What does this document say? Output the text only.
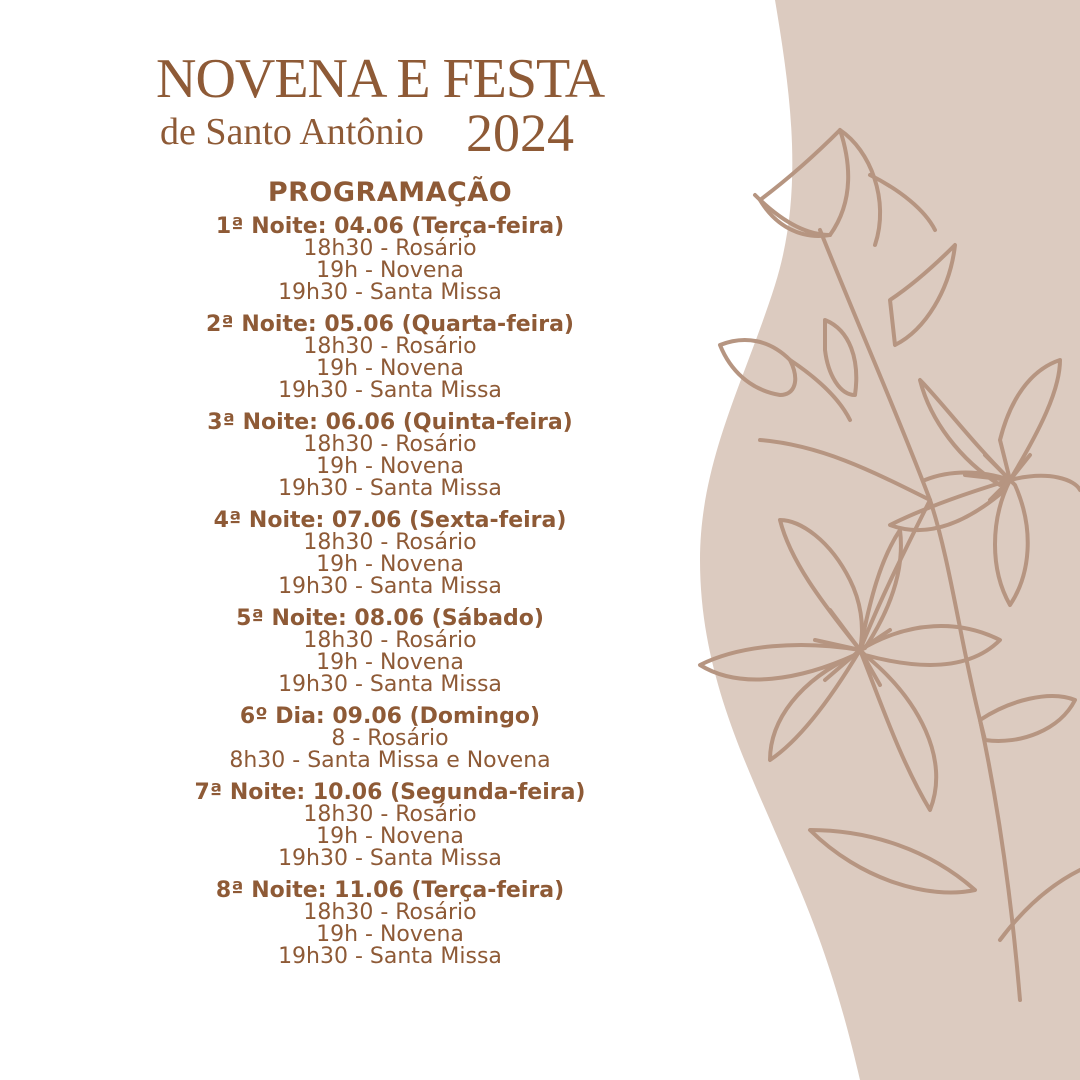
NOVENA E FESTA
de Santo Antônio 2024
PROGRAMAÇÃO
1ª Noite: 04.06 (Terça-feira)
18h30 - Rosário
19h - Novena
19h30 - Santa Missa
2ª Noite: 05.06 (Quarta-feira)
18h30 - Rosário
19h - Novena
19h30 - Santa Missa
3ª Noite: 06.06 (Quinta-feira)
18h30 - Rosário
19h - Novena
19h30 - Santa Missa
4ª Noite: 07.06 (Sexta-feira)
18h30 - Rosário
19h - Novena
19h30 - Santa Missa
5ª Noite: 08.06 (Sábado)
18h30 - Rosário
19h - Novena
19h30 - Santa Missa
6º Dia: 09.06 (Domingo)
8 - Rosário
8h30 - Santa Missa e Novena
7ª Noite: 10.06 (Segunda-feira)
18h30 - Rosário
19h - Novena
19h30 - Santa Missa
8ª Noite: 11.06 (Terça-feira)
18h30 - Rosário
19h - Novena
19h30 - Santa Missa
